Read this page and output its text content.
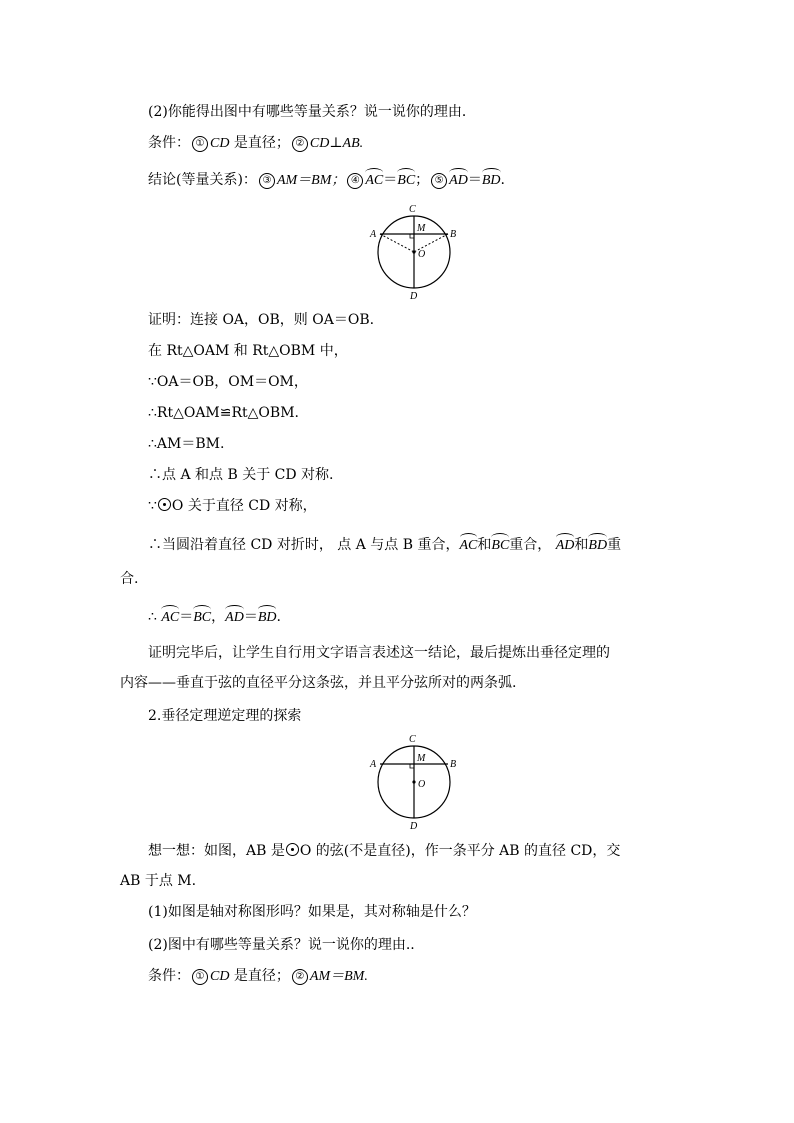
(2)你能得出图中有哪些等量关系？说一说你的理由．
条件： ① CD 是直径； ② CD⊥AB.
结论(等量关系)： ③ AM＝BM； ④ AC＝BC； ⑤ AD＝BD.
C
M
A	B
O
D
证明：连接 OA，OB，则 OA＝OB.
在 Rt△OAM 和 Rt△OBM 中，
∵OA＝OB，OM＝OM，
∴Rt△OAM≌Rt△OBM.
∴AM＝BM.
∴点 A 和点 B 关于 CD 对称.
∵ O 关于直径 CD 对称，
∴当圆沿着直径 CD 对折时， 点 A 与点 B 重合，AC和BC重合， AD和BD重
合.
∴ AC＝BC，AD＝BD.
证明完毕后，让学生自行用文字语言表述这一结论，最后提炼出垂径定理的
内容——垂直于弦的直径平分这条弦，并且平分弦所对的两条弧.
2.垂径定理逆定理的探索
C
M
A	B
O
D
想一想：如图，AB 是 O 的弦(不是直径)，作一条平分 AB 的直径 CD，交
AB 于点 M.
(1)如图是轴对称图形吗？如果是，其对称轴是什么？
(2)图中有哪些等量关系？说一说你的理由..
条件： ① CD 是直径； ② AM＝BM.
